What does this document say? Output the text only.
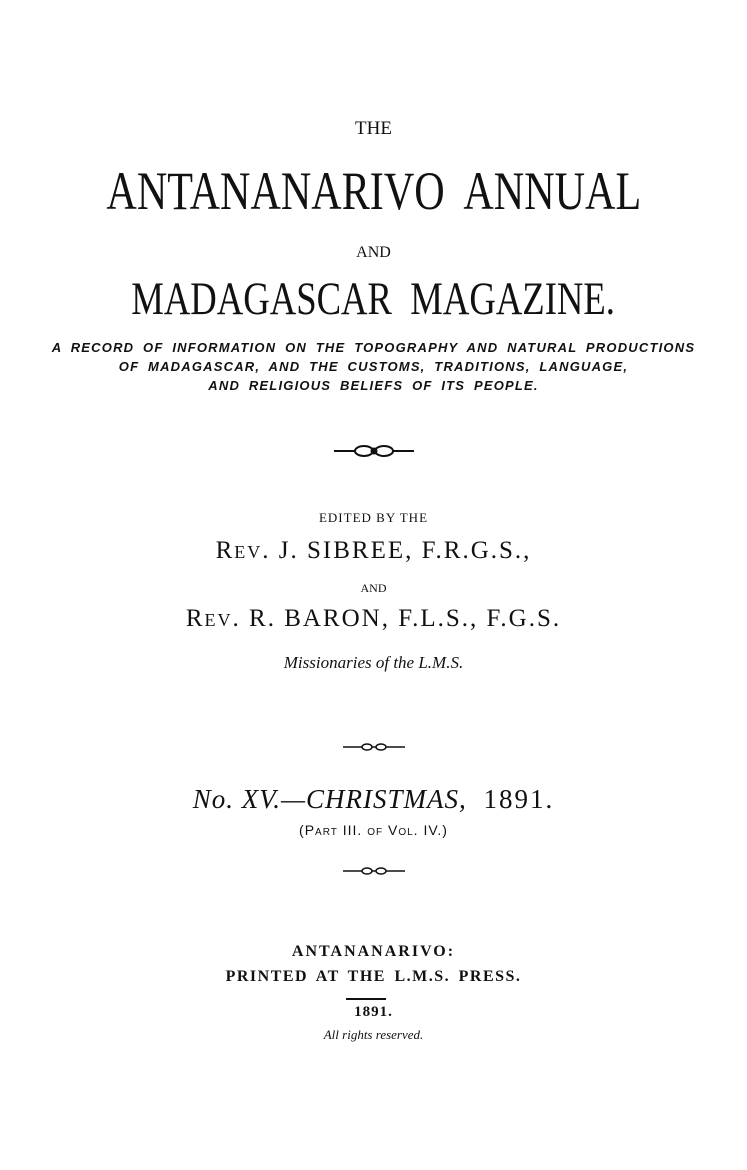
THE
ANTANANARIVO  ANNUAL
AND
MADAGASCAR  MAGAZINE.
A RECORD OF INFORMATION ON THE TOPOGRAPHY AND NATURAL PRODUCTIONS
OF MADAGASCAR, AND THE CUSTOMS, TRADITIONS, LANGUAGE,
AND RELIGIOUS BELIEFS OF ITS PEOPLE.
EDITED BY THE
Rev. J. SIBREE, F.R.G.S.,
AND
Rev. R. BARON, F.L.S., F.G.S.
Missionaries of the L.M.S.
No. XV.—CHRISTMAS, 1891.
(Part III. of Vol. IV.)
ANTANANARIVO:
PRINTED AT THE L.M.S. PRESS.
1891.
All rights reserved.
